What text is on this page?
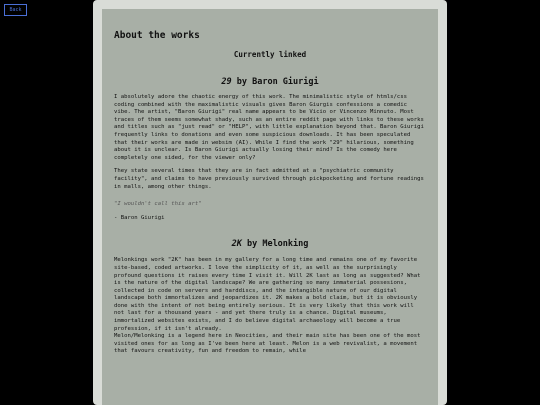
Back
About the works
Currently linked
29 by Baron Giurigi

I absolutely adore the chaotic energy of this work. The minimalistic style of htmls/css coding combined with the maximalistic visuals gives Baron Giurgis confessions a comedic vibe. The artist, "Baron Giurigi" real name appears to be Vicio or Vincenzo Minnuto. Most traces of them seems somewhat shady, such as an entire reddit page with links to these works and titles such as "just read" or "HELP", with little explanation beyond that. Baron Giurigi frequently links to donations and even some suspicious downloads. It has been speculated that their works are made in websim (AI). While I find the work "29" hilarious, something about it is unclear. Is Baron Giurigi actually losing their mind? Is the comedy here completely one sided, for the viewer only?

They state several times that they are in fact admitted at a "psychiatric community facility", and claims to have previously survived through pickpocketing and fortune readings in malls, among other things.

"I wouldn't call this art"

- Baron Giurigi

2K by Melonking

Melonkings work "2K" has been in my gallery for a long time and remains one of my favorite site-based, coded artworks. I love the simplicity of it, as well as the surprisingly profound questions it raises every time I visit it. Will 2K last as long as suggested? What is the nature of the digital landscape? We are gathering so many immaterial possesions, collected in code on servers and harddiscs, and the intangible nature of our digital landscape both immortalizes and jeopardizes it. 2K makes a bold claim, but it is obviously done with the intent of not being entirely serious. It is very likely that this work will not last for a thousand years - and yet there truly is a chance. Digital museums, immortalized websites exists, and I do believe digital archaeology will become a true profession, if it isn't already.

Melon/Melonking is a legend here in Neocities, and their main site has been one of the most visited ones for as long as I've been here at least. Melon is a web revivalist, a movement that favours creativity, fun and freedom to remain, while
